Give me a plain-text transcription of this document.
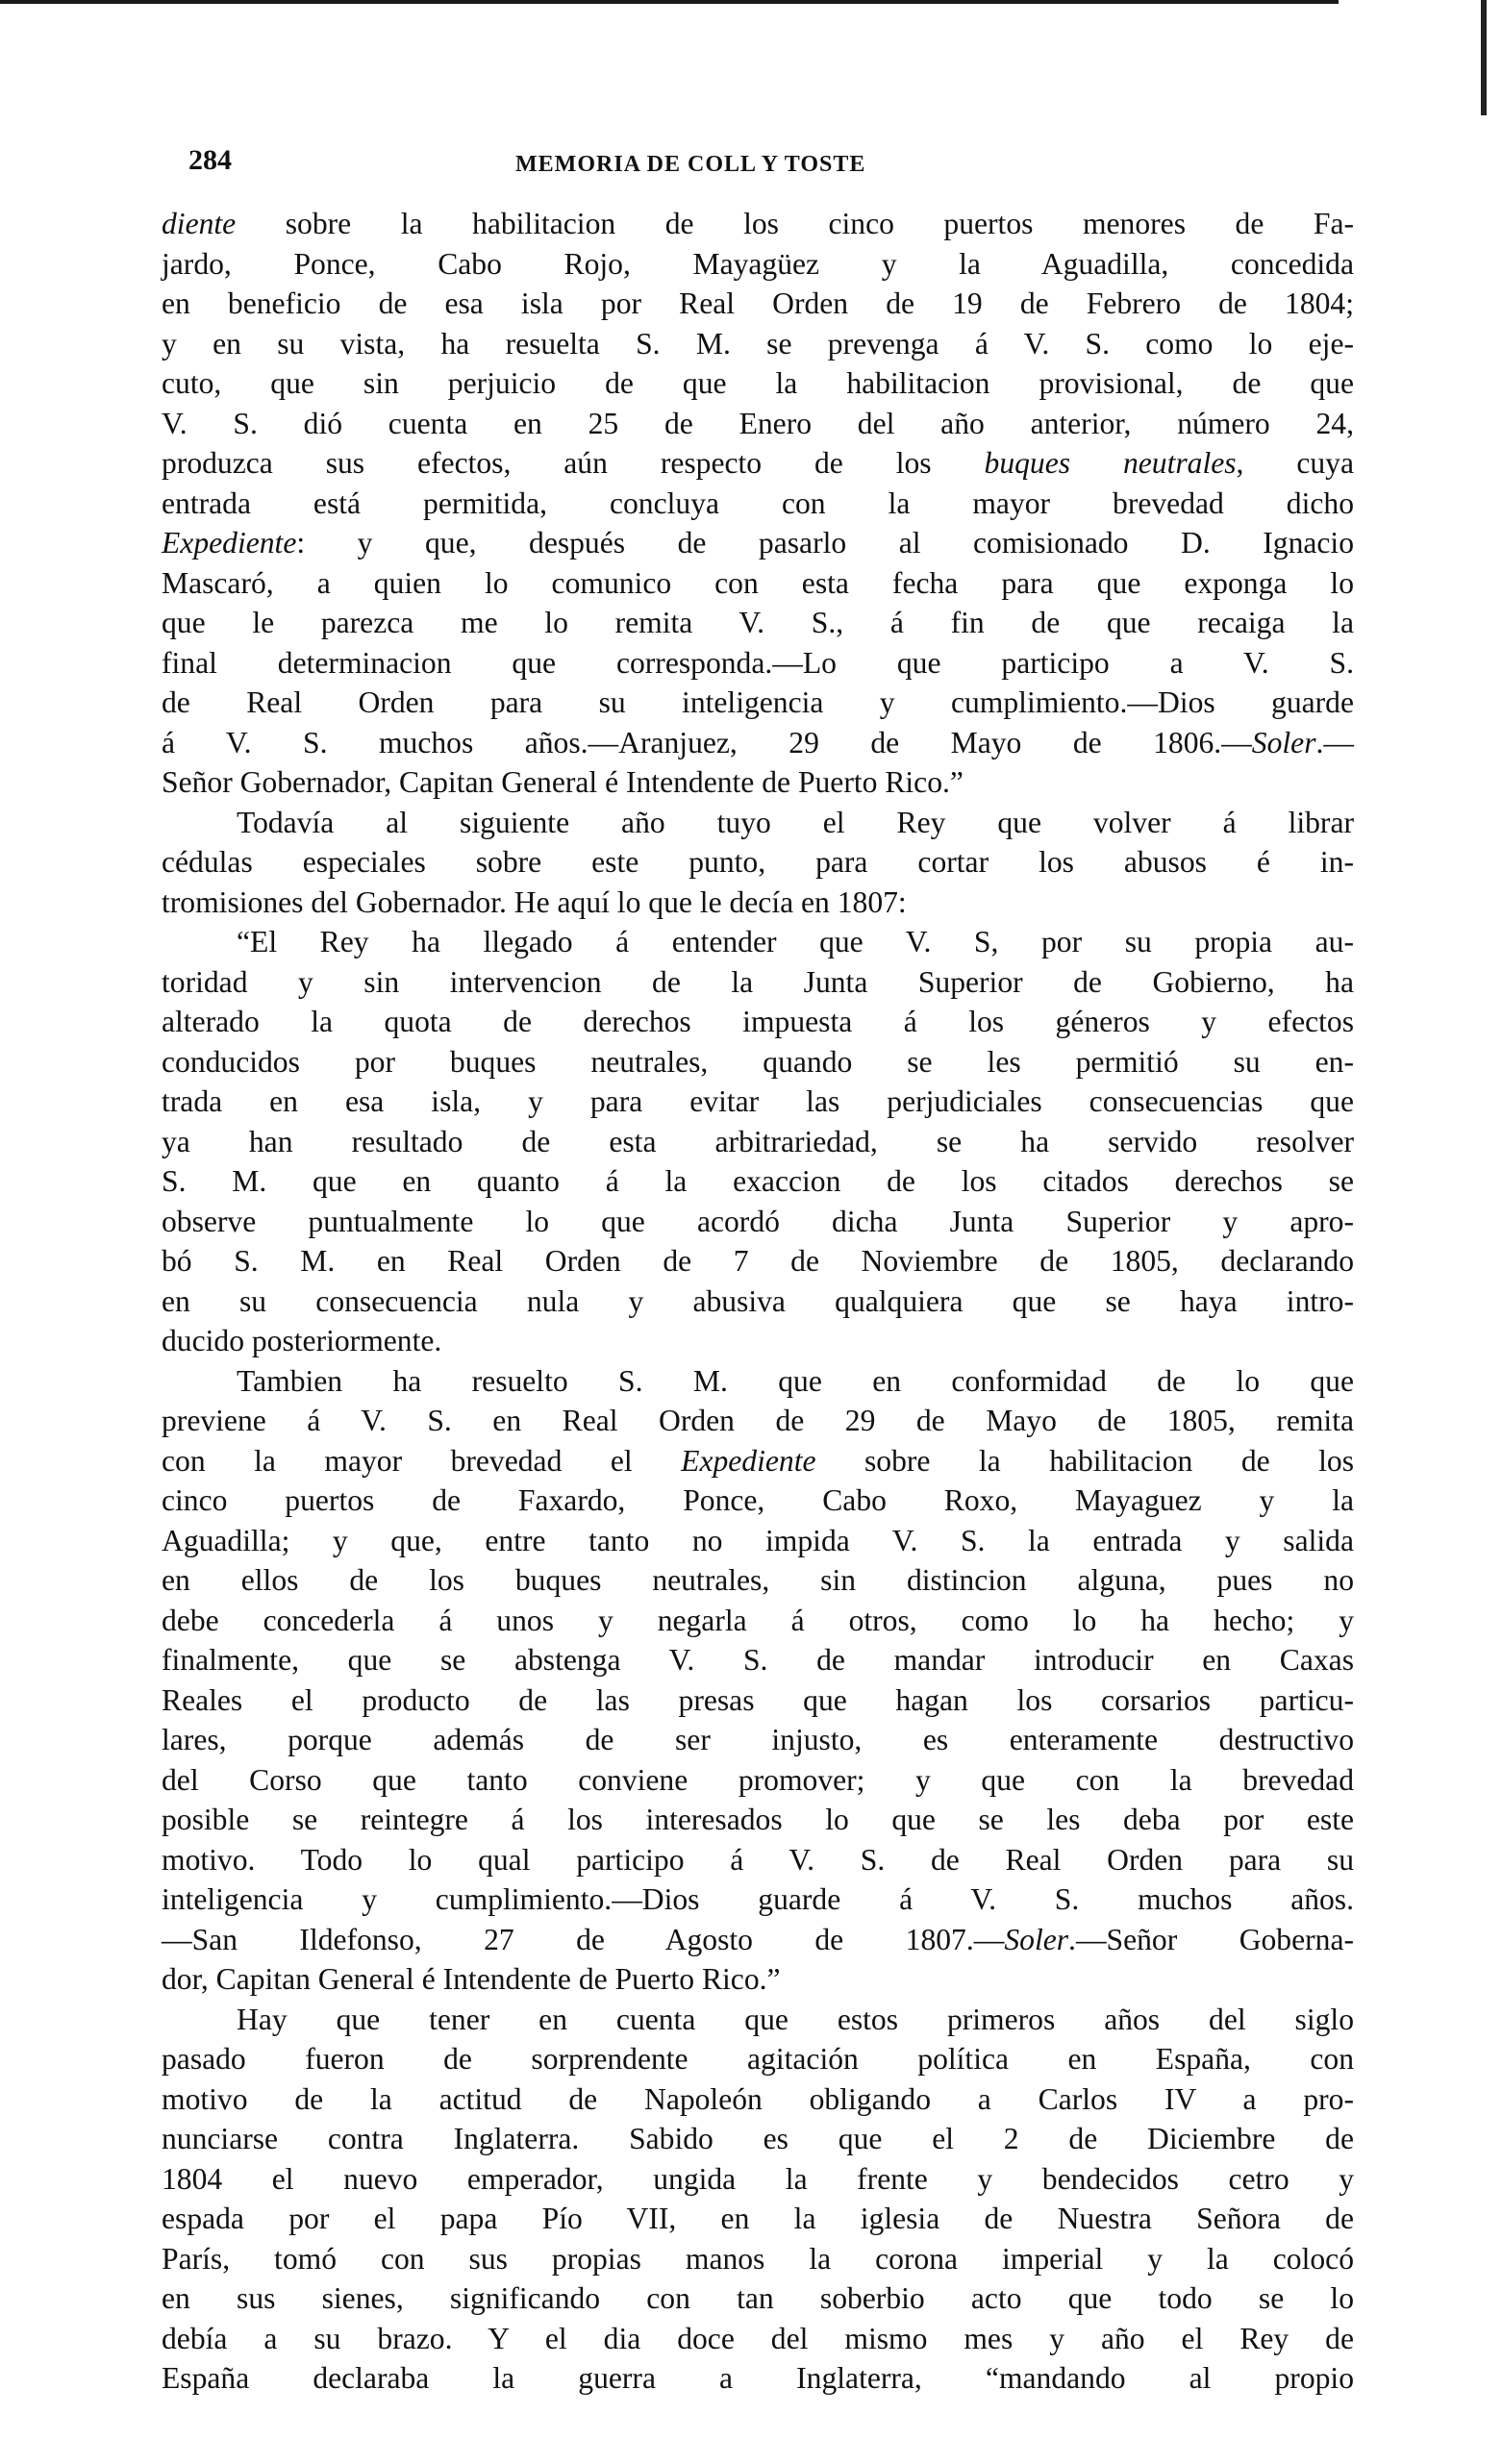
284	MEMORIA DE COLL Y TOSTE
diente sobre la habilitacion de los cinco puertos menores de Fa-
jardo, Ponce, Cabo Rojo, Mayagüez y la Aguadilla, concedida
en beneficio de esa isla por Real Orden de 19 de Febrero de 1804;
y en su vista, ha resuelta S. M. se prevenga á V. S. como lo eje-
cuto, que sin perjuicio de que la habilitacion provisional, de que
V. S. dió cuenta en 25 de Enero del año anterior, número 24,
produzca sus efectos, aún respecto de los buques neutrales, cuya
entrada está permitida, concluya con la mayor brevedad dicho
Expediente: y que, después de pasarlo al comisionado D. Ignacio
Mascaró, a quien lo comunico con esta fecha para que exponga lo
que le parezca me lo remita V. S., á fin de que recaiga la
final determinacion que corresponda.—Lo que participo a V. S.
de Real Orden para su inteligencia y cumplimiento.—Dios guarde
á V. S. muchos años.—Aranjuez, 29 de Mayo de 1806.—Soler.—
Señor Gobernador, Capitan General é Intendente de Puerto Rico.”
Todavía al siguiente año tuyo el Rey que volver á librar
cédulas especiales sobre este punto, para cortar los abusos é in-
tromisiones del Gobernador. He aquí lo que le decía en 1807:
“El Rey ha llegado á entender que V. S, por su propia au-
toridad y sin intervencion de la Junta Superior de Gobierno, ha
alterado la quota de derechos impuesta á los géneros y efectos
conducidos por buques neutrales, quando se les permitió su en-
trada en esa isla, y para evitar las perjudiciales consecuencias que
ya han resultado de esta arbitrariedad, se ha servido resolver
S. M. que en quanto á la exaccion de los citados derechos se
observe puntualmente lo que acordó dicha Junta Superior y apro-
bó S. M. en Real Orden de 7 de Noviembre de 1805, declarando
en su consecuencia nula y abusiva qualquiera que se haya intro-
ducido posteriormente.
Tambien ha resuelto S. M. que en conformidad de lo que
previene á V. S. en Real Orden de 29 de Mayo de 1805, remita
con la mayor brevedad el Expediente sobre la habilitacion de los
cinco puertos de Faxardo, Ponce, Cabo Roxo, Mayaguez y la
Aguadilla; y que, entre tanto no impida V. S. la entrada y salida
en ellos de los buques neutrales, sin distincion alguna, pues no
debe concederla á unos y negarla á otros, como lo ha hecho; y
finalmente, que se abstenga V. S. de mandar introducir en Caxas
Reales el producto de las presas que hagan los corsarios particu-
lares, porque además de ser injusto, es enteramente destructivo
del Corso que tanto conviene promover; y que con la brevedad
posible se reintegre á los interesados lo que se les deba por este
motivo. Todo lo qual participo á V. S. de Real Orden para su
inteligencia y cumplimiento.—Dios guarde á V. S. muchos años.
—San Ildefonso, 27 de Agosto de 1807.—Soler.—Señor Goberna-
dor, Capitan General é Intendente de Puerto Rico.”
Hay que tener en cuenta que estos primeros años del siglo
pasado fueron de sorprendente agitación política en España, con
motivo de la actitud de Napoleón obligando a Carlos IV a pro-
nunciarse contra Inglaterra. Sabido es que el 2 de Diciembre de
1804 el nuevo emperador, ungida la frente y bendecidos cetro y
espada por el papa Pío VII, en la iglesia de Nuestra Señora de
París, tomó con sus propias manos la corona imperial y la colocó
en sus sienes, significando con tan soberbio acto que todo se lo
debía a su brazo. Y el dia doce del mismo mes y año el Rey de
España declaraba la guerra a Inglaterra, “mandando al propio
